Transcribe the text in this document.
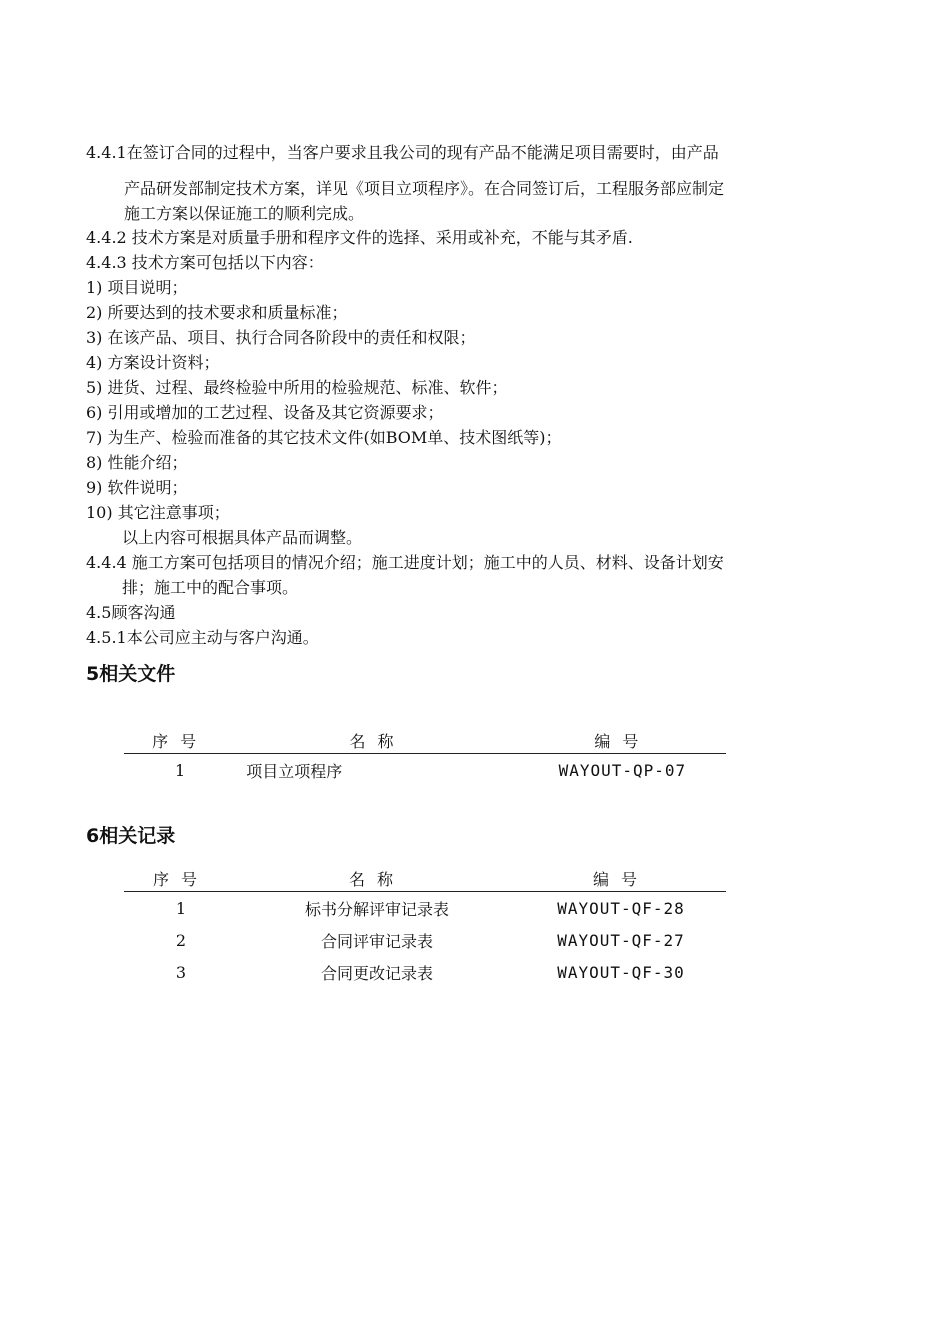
4.4.1在签订合同的过程中，当客户要求且我公司的现有产品不能满足项目需要时，由产品
产品研发部制定技术方案，详见《项目立项程序》。在合同签订后，工程服务部应制定
施工方案以保证施工的顺利完成。
4.4.2 技术方案是对质量手册和程序文件的选择、采用或补充，不能与其矛盾.
4.4.3 技术方案可包括以下内容：
1) 项目说明；
2) 所要达到的技术要求和质量标准；
3) 在该产品、项目、执行合同各阶段中的责任和权限；
4) 方案设计资料；
5) 进货、过程、最终检验中所用的检验规范、标准、软件；
6) 引用或增加的工艺过程、设备及其它资源要求；
7) 为生产、检验而准备的其它技术文件(如BOM单、技术图纸等)；
8) 性能介绍；
9) 软件说明；
10) 其它注意事项；
以上内容可根据具体产品而调整。
4.4.4 施工方案可包括项目的情况介绍；施工进度计划；施工中的人员、材料、设备计划安
排；施工中的配合事项。
4.5顾客沟通
4.5.1本公司应主动与客户沟通。
5相关文件
序号	名称	编号
1	项目立项程序	WAYOUT-QP-07
6相关记录
序号	名称	编号
1	标书分解评审记录表	WAYOUT-QF-28
2	合同评审记录表	WAYOUT-QF-27
3	合同更改记录表	WAYOUT-QF-30
